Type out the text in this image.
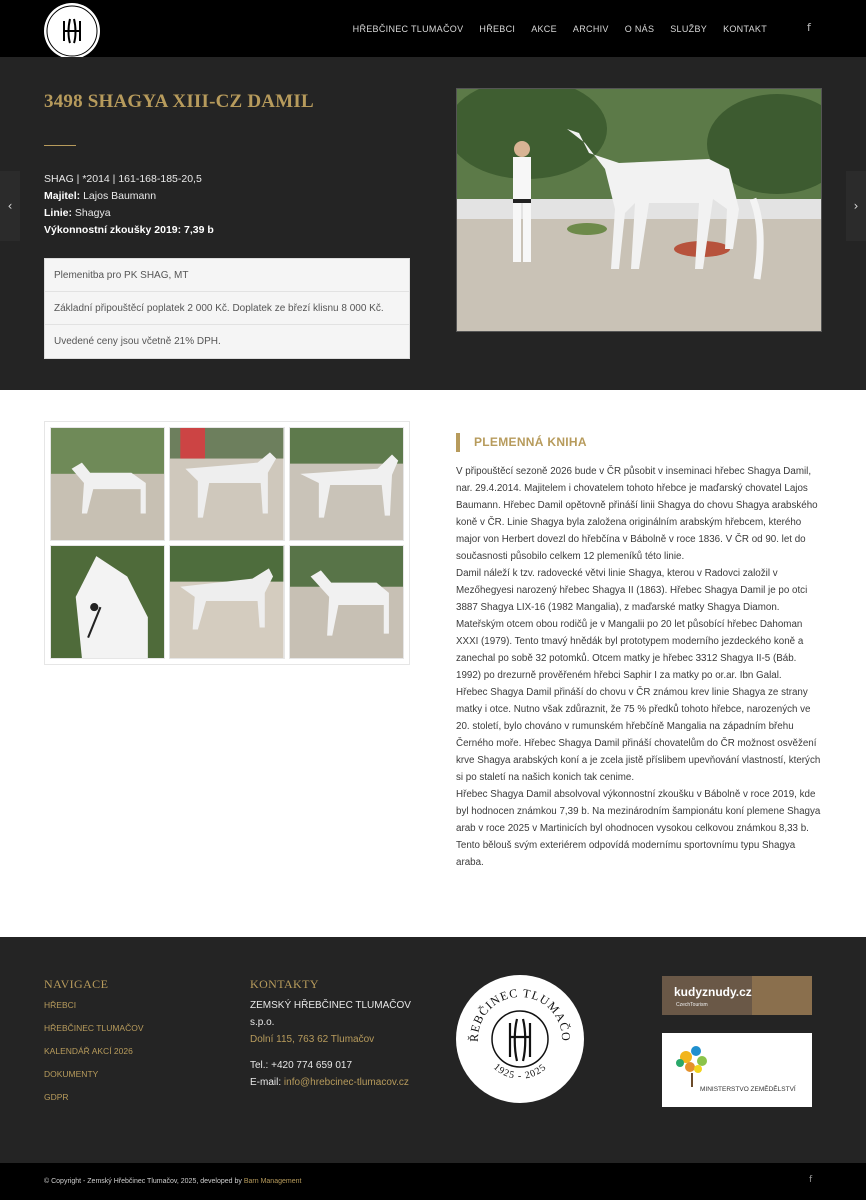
HŘEBČINEC TLUMAČOV HŘEBCI AKCE ARCHIV O NÁS SLUŽBY KONTAKT	f
‹	›
3498 SHAGYA XIII-CZ DAMIL
SHAG | *2014 | 161-168-185-20,5
Majitel: Lajos Baumann
Linie: Shagya
Výkonnostní zkoušky 2019: 7,39 b
Plemenitba pro PK SHAG, MT
Základní připouštěcí poplatek 2 000 Kč. Doplatek ze březí klisnu 8 000 Kč.
Uvedené ceny jsou včetně 21% DPH.
PLEMENNÁ KNIHA

V připouštěcí sezoně 2026 bude v ČR působit v inseminaci hřebec Shagya Damil, nar. 29.4.2014. Majitelem i chovatelem tohoto hřebce je maďarský chovatel Lajos Baumann. Hřebec Damil opětovně přináší linii Shagya do chovu Shagya arabského koně v ČR. Linie Shagya byla založena originálním arabským hřebcem, kterého major von Herbert dovezl do hřebčína v Bábolně v roce 1836. V ČR od 90. let do současnosti působilo celkem 12 plemeníků této linie.

Damil náleží k tzv. radovecké větvi linie Shagya, kterou v Radovci založil v Mezőhegyesi narozený hřebec Shagya II (1863). Hřebec Shagya Damil je po otci 3887 Shagya LIX-16 (1982 Mangalia), z maďarské matky Shagya Diamon. Mateřským otcem obou rodičů je v Mangalii po 20 let působící hřebec Dahoman XXXI (1979). Tento tmavý hnědák byl prototypem moderního jezdeckého koně a zanechal po sobě 32 potomků. Otcem matky je hřebec 3312 Shagya II-5 (Báb. 1992) po drezurně prověřeném hřebci Saphir I za matky po or.ar. Ibn Galal.

Hřebec Shagya Damil přináší do chovu v ČR známou krev linie Shagya ze strany matky i otce. Nutno však zdůraznit, že 75 % předků tohoto hřebce, narozených ve 20. století, bylo chováno v rumunském hřebčíně Mangalia na západním břehu Černého moře. Hřebec Shagya Damil přináší chovatelům do ČR možnost osvěžení krve Shagya arabských koní a je zcela jistě příslibem upevňování vlastností, kterých si po staletí na našich konich tak cenime.

Hřebec Shagya Damil absolvoval výkonnostní zkoušku v Bábolně v roce 2019, kde byl hodnocen známkou 7,39 b. Na mezinárodním šampionátu koní plemene Shagya arab v roce 2025 v Martinicích byl ohodnocen vysokou celkovou známkou 8,33 b. Tento bělouš svým exteriérem odpovídá modernímu sportovnímu typu Shagya araba.

NAVIGACE
HŘEBCI
HŘEBČINEC TLUMAČOV
KALENDÁŘ AKCÍ 2026
DOKUMENTY
GDPR
KONTAKTY
ZEMSKÝ HŘEBČINEC TLUMAČOV
s.p.o.
Dolní 115, 763 62 Tlumačov
Tel.: +420 774 659 017
E-mail: info@hrebcinec-tlumacov.cz
ŘEBČINEC TLUMAČO
1925 - 2025
kudyznudy.cz
CzechTourism
MINISTERSTVO ZEMĚDĚLSTVÍ
© Copyright - Zemský Hřebčinec Tlumačov, 2025, developed by Barn Management	f
